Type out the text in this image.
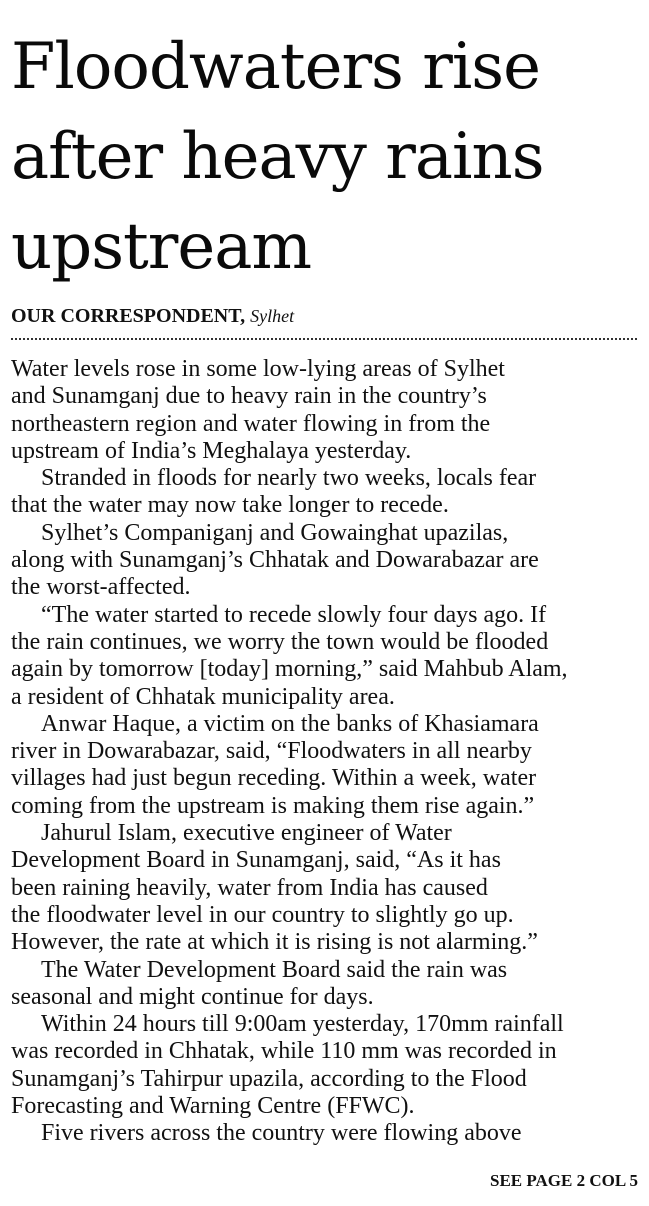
Floodwaters rise
after heavy rains
upstream
OUR CORRESPONDENT, Sylhet
Water levels rose in some low-lying areas of Sylhet
and Sunamganj due to heavy rain in the country’s
northeastern region and water flowing in from the
upstream of India’s Meghalaya yesterday.
Stranded in floods for nearly two weeks, locals fear
that the water may now take longer to recede.
Sylhet’s Companiganj and Gowainghat upazilas,
along with Sunamganj’s Chhatak and Dowarabazar are
the worst-affected.
“The water started to recede slowly four days ago. If
the rain continues, we worry the town would be flooded
again by tomorrow [today] morning,” said Mahbub Alam,
a resident of Chhatak municipality area.
Anwar Haque, a victim on the banks of Khasiamara
river in Dowarabazar, said, “Floodwaters in all nearby
villages had just begun receding. Within a week, water
coming from the upstream is making them rise again.”
Jahurul Islam, executive engineer of Water
Development Board in Sunamganj, said, “As it has
been raining heavily, water from India has caused
the floodwater level in our country to slightly go up.
However, the rate at which it is rising is not alarming.”
The Water Development Board said the rain was
seasonal and might continue for days.
Within 24 hours till 9:00am yesterday, 170mm rainfall
was recorded in Chhatak, while 110 mm was recorded in
Sunamganj’s Tahirpur upazila, according to the Flood
Forecasting and Warning Centre (FFWC).
Five rivers across the country were flowing above
SEE PAGE 2 COL 5
